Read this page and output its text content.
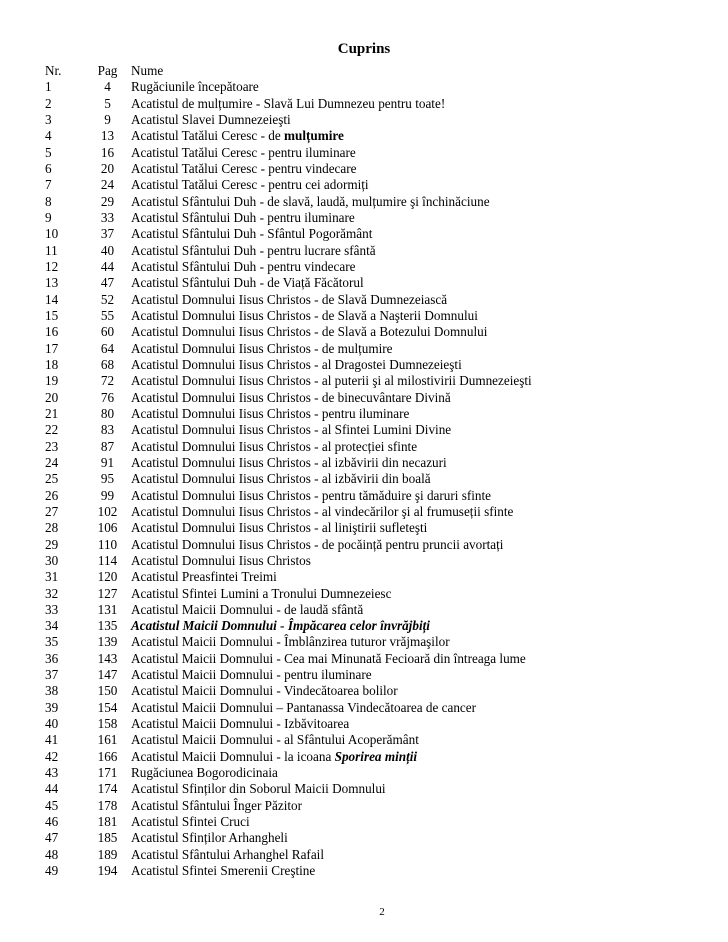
Cuprins
Nr.	Pag	Nume
1	4	Rugăciunile începătoare
2	5	Acatistul de mulțumire - Slavă Lui Dumnezeu pentru toate!
3	9	Acatistul Slavei Dumnezeieşti
4	13	Acatistul Tatălui Ceresc - de mulțumire
5	16	Acatistul Tatălui Ceresc - pentru iluminare
6	20	Acatistul Tatălui Ceresc - pentru vindecare
7	24	Acatistul Tatălui Ceresc - pentru cei adormiți
8	29	Acatistul Sfântului Duh - de slavă, laudă, mulțumire şi închinăciune
9	33	Acatistul Sfântului Duh - pentru iluminare
10	37	Acatistul Sfântului Duh - Sfântul Pogorământ
11	40	Acatistul Sfântului Duh - pentru lucrare sfântă
12	44	Acatistul Sfântului Duh - pentru vindecare
13	47	Acatistul Sfântului Duh - de Viață Făcătorul
14	52	Acatistul Domnului Iisus Christos - de Slavă Dumnezeiască
15	55	Acatistul Domnului Iisus Christos - de Slavă a Naşterii Domnului
16	60	Acatistul Domnului Iisus Christos - de Slavă a Botezului Domnului
17	64	Acatistul Domnului Iisus Christos - de mulțumire
18	68	Acatistul Domnului Iisus Christos - al Dragostei Dumnezeieşti
19	72	Acatistul Domnului Iisus Christos - al puterii şi al milostivirii Dumnezeieşti
20	76	Acatistul Domnului Iisus Christos - de binecuvântare Divină
21	80	Acatistul Domnului Iisus Christos - pentru iluminare
22	83	Acatistul Domnului Iisus Christos - al Sfintei Lumini Divine
23	87	Acatistul Domnului Iisus Christos - al protecției sfinte
24	91	Acatistul Domnului Iisus Christos - al izbăvirii din necazuri
25	95	Acatistul Domnului Iisus Christos - al izbăvirii din boală
26	99	Acatistul Domnului Iisus Christos - pentru tămăduire şi daruri sfinte
27	102	Acatistul Domnului Iisus Christos - al vindecărilor şi al frumuseții sfinte
28	106	Acatistul Domnului Iisus Christos - al liniştirii sufleteşti
29	110	Acatistul Domnului Iisus Christos - de pocăință pentru pruncii avortați
30	114	Acatistul Domnului Iisus Christos
31	120	Acatistul Preasfintei Treimi
32	127	Acatistul Sfintei Lumini a Tronului Dumnezeiesc
33	131	Acatistul Maicii Domnului - de laudă sfântă
34	135	Acatistul Maicii Domnului - Împăcarea celor învrăjbiți
35	139	Acatistul Maicii Domnului - Îmblânzirea tuturor vrăjmaşilor
36	143	Acatistul Maicii Domnului - Cea mai Minunată Fecioară din întreaga lume
37	147	Acatistul Maicii Domnului - pentru iluminare
38	150	Acatistul Maicii Domnului - Vindecătoarea bolilor
39	154	Acatistul Maicii Domnului – Pantanassa Vindecătoarea de cancer
40	158	Acatistul Maicii Domnului - Izbăvitoarea
41	161	Acatistul Maicii Domnului - al Sfântului Acoperământ
42	166	Acatistul Maicii Domnului - la icoana Sporirea minții
43	171	Rugăciunea Bogorodicinaia
44	174	Acatistul Sfinților din Soborul Maicii Domnului
45	178	Acatistul Sfântului Înger Păzitor
46	181	Acatistul Sfintei Cruci
47	185	Acatistul Sfinților Arhangheli
48	189	Acatistul Sfântului Arhanghel Rafail
49	194	Acatistul Sfintei Smerenii Creştine
2
